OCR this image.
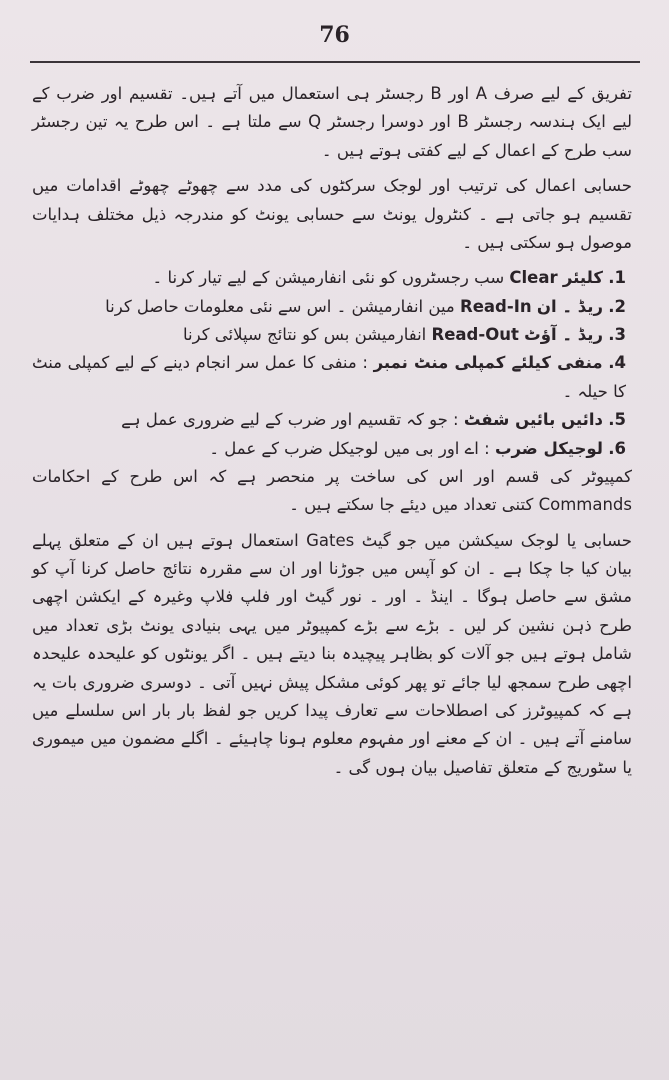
76

تفریق کے لیے صرف A اور B رجسٹر ہی استعمال میں آتے ہیں۔ تقسیم اور ضرب کے لیے ایک ہندسہ رجسٹر B اور دوسرا رجسٹر Q سے ملتا ہے ۔ اس طرح یہ تین رجسٹر سب طرح کے اعمال کے لیے کفتی ہوتے ہیں ۔

حسابی اعمال کی ترتیب اور لوجک سرکٹوں کی مدد سے چھوٹے چھوٹے اقدامات میں تقسیم ہو جاتی ہے ۔ کنٹرول یونٹ سے حسابی یونٹ کو مندرجہ ذیل مختلف ہدایات موصول ہو سکتی ہیں ۔

1. کلیئر Clear سب رجسٹروں کو نئی انفارمیشن کے لیے تیار کرنا ۔

2. ریڈ ۔ ان Read-In مین انفارمیشن ۔ اس سے نئی معلومات حاصل کرنا

3. ریڈ ۔ آؤٹ Read-Out انفارمیشن بس کو نتائج سپلائی کرنا

4. منفی کیلئے کمپلی منٹ نمبر : منفی کا عمل سر انجام دینے کے لیے کمپلی منٹ کا حیلہ ۔

5. دائیں بائیں شفٹ : جو کہ تقسیم اور ضرب کے لیے ضروری عمل ہے

6. لوجیکل ضرب : اے اور بی میں لوجیکل ضرب کے عمل ۔

کمپیوٹر کی قسم اور اس کی ساخت پر منحصر ہے کہ اس طرح کے احکامات Commands کتنی تعداد میں دیئے جا سکتے ہیں ۔

حسابی یا لوجک سیکشن میں جو گیٹ Gates استعمال ہوتے ہیں ان کے متعلق پہلے بیان کیا جا چکا ہے ۔ ان کو آپس میں جوڑنا اور ان سے مقررہ نتائج حاصل کرنا آپ کو مشق سے حاصل ہوگا ۔ اینڈ ۔ اور ۔ نور گیٹ اور فلپ فلاپ وغیرہ کے ایکشن اچھی طرح ذہن نشین کر لیں ۔ بڑے سے بڑے کمپیوٹر میں یہی بنیادی یونٹ بڑی تعداد میں شامل ہوتے ہیں جو آلات کو بظاہر پیچیدہ بنا دیتے ہیں ۔ اگر یونٹوں کو علیحدہ علیحدہ اچھی طرح سمجھ لیا جائے تو پھر کوئی مشکل پیش نہیں آتی ۔ دوسری ضروری بات یہ ہے کہ کمپیوٹرز کی اصطلاحات سے تعارف پیدا کریں جو لفظ بار بار اس سلسلے میں سامنے آتے ہیں ۔ ان کے معنے اور مفہوم معلوم ہونا چاہیئے ۔ اگلے مضمون میں میموری یا سٹوریج کے متعلق تفاصیل بیان ہوں گی ۔
